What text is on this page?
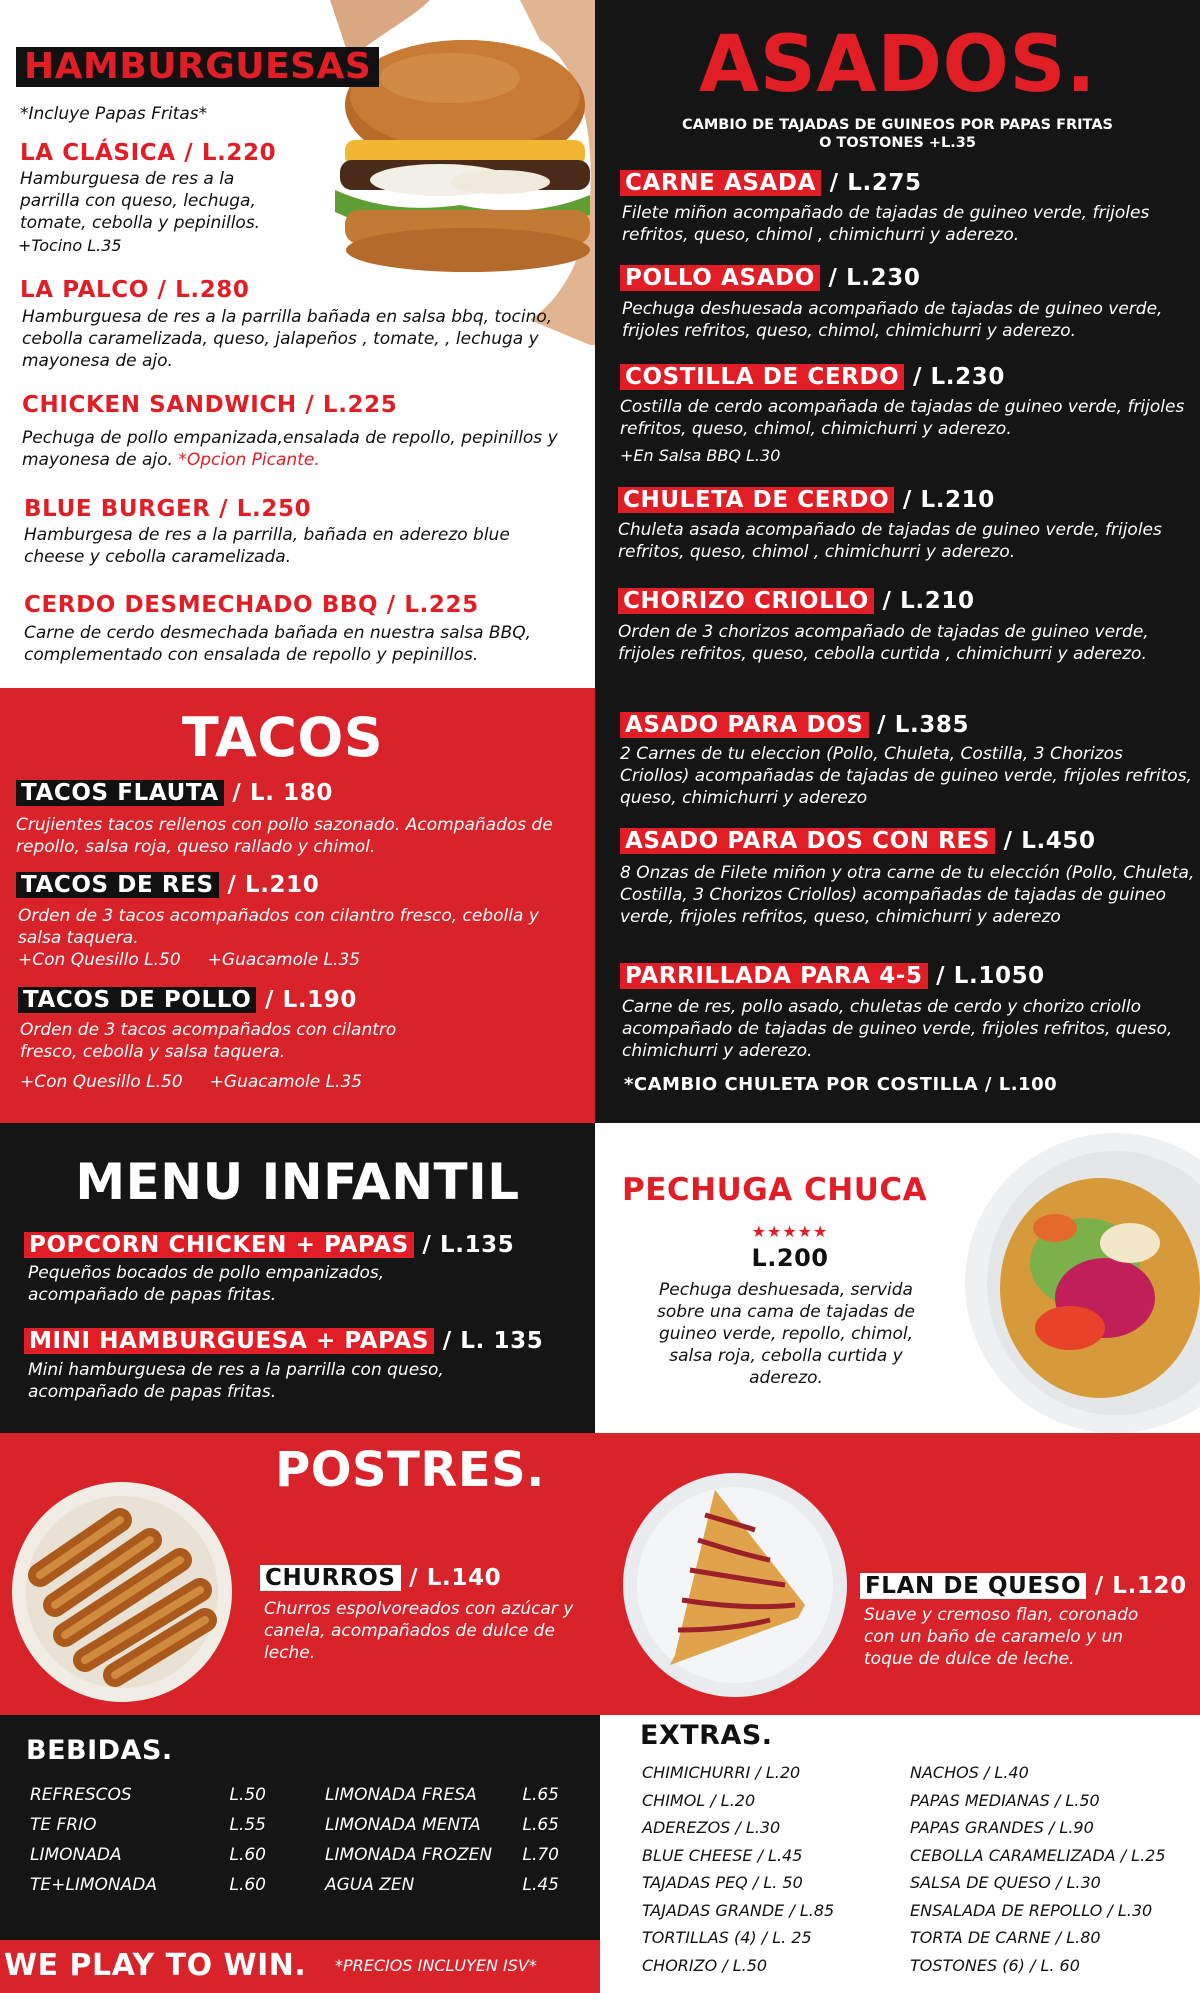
HAMBURGUESAS
*Incluye Papas Fritas*
LA CLÁSICA / L.220
Hamburguesa de res a la parrilla con queso, lechuga, tomate, cebolla y pepinillos.
+Tocino L.35
LA PALCO / L.280
Hamburguesa de res a la parrilla bañada en salsa bbq, tocino, cebolla caramelizada, queso, jalapeños , tomate, , lechuga y mayonesa de ajo.
CHICKEN SANDWICH / L.225
Pechuga de pollo empanizada,ensalada de repollo, pepinillos y mayonesa de ajo. *Opcion Picante.
BLUE BURGER / L.250
Hamburgesa de res a la parrilla, bañada en aderezo blue cheese y cebolla caramelizada.
CERDO DESMECHADO BBQ / L.225
Carne de cerdo desmechada bañada en nuestra salsa BBQ, complementado con ensalada de repollo y pepinillos.
ASADOS.
CAMBIO DE TAJADAS DE GUINEOS POR PAPAS FRITAS
O TOSTONES +L.35
CARNE ASADA / L.275
Filete miñon acompañado de tajadas de guineo verde, frijoles refritos, queso, chimol , chimichurri y aderezo.
POLLO ASADO / L.230
Pechuga deshuesada acompañado de tajadas de guineo verde, frijoles refritos, queso, chimol, chimichurri y aderezo.
COSTILLA DE CERDO / L.230
Costilla de cerdo acompañada de tajadas de guineo verde, frijoles refritos, queso, chimol, chimichurri y aderezo.
+En Salsa BBQ L.30
CHULETA DE CERDO / L.210
Chuleta asada acompañado de tajadas de guineo verde, frijoles refritos, queso, chimol , chimichurri y aderezo.
CHORIZO CRIOLLO / L.210
Orden de 3 chorizos acompañado de tajadas de guineo verde, frijoles refritos, queso, cebolla curtida , chimichurri y aderezo.
ASADO PARA DOS / L.385
2 Carnes de tu eleccion (Pollo, Chuleta, Costilla, 3 Chorizos Criollos) acompañadas de tajadas de guineo verde, frijoles refritos, queso, chimichurri y aderezo
ASADO PARA DOS CON RES / L.450
8 Onzas de Filete miñon y otra carne de tu elección (Pollo, Chuleta, Costilla, 3 Chorizos Criollos) acompañadas de tajadas de guineo verde, frijoles refritos, queso, chimichurri y aderezo
PARRILLADA PARA 4-5 / L.1050
Carne de res, pollo asado, chuletas de cerdo y chorizo criollo acompañado de tajadas de guineo verde, frijoles refritos, queso, chimichurri y aderezo.
*CAMBIO CHULETA POR COSTILLA / L.100
TACOS
TACOS FLAUTA / L. 180
Crujientes tacos rellenos con pollo sazonado. Acompañados de repollo, salsa roja, queso rallado y chimol.
TACOS DE RES / L.210
Orden de 3 tacos acompañados con cilantro fresco, cebolla y salsa taquera.
+Con Quesillo L.50     +Guacamole L.35
TACOS DE POLLO / L.190
Orden de 3 tacos acompañados con cilantro fresco, cebolla y salsa taquera.
+Con Quesillo L.50     +Guacamole L.35
MENU INFANTIL
POPCORN CHICKEN + PAPAS / L.135
Pequeños bocados de pollo empanizados, acompañado de papas fritas.
MINI HAMBURGUESA + PAPAS / L. 135
Mini hamburguesa de res a la parrilla con queso, acompañado de papas fritas.
PECHUGA CHUCA
★★★★★
L.200
Pechuga deshuesada, servida sobre una cama de tajadas de guineo verde, repollo, chimol, salsa roja, cebolla curtida y aderezo.
POSTRES.
CHURROS / L.140
Churros espolvoreados con azúcar y canela, acompañados de dulce de leche.
FLAN DE QUESO / L.120
Suave y cremoso flan, coronado con un baño de caramelo y un toque de dulce de leche.
BEBIDAS.
REFRESCOS	L.50
TE FRIO	L.55
LIMONADA	L.60
TE+LIMONADA	L.60
LIMONADA FRESA	L.65
LIMONADA MENTA L.65
LIMONADA FROZEN L.70
AGUA ZEN	L.45
EXTRAS.
CHIMICHURRI / L.20
CHIMOL / L.20
ADEREZOS / L.30
BLUE CHEESE / L.45
TAJADAS PEQ / L. 50
TAJADAS GRANDE / L.85
TORTILLAS (4) / L. 25
CHORIZO / L.50
NACHOS / L.40
PAPAS MEDIANAS / L.50
PAPAS GRANDES / L.90
CEBOLLA CARAMELIZADA / L.25
SALSA DE QUESO / L.30
ENSALADA DE REPOLLO / L.30
TORTA DE CARNE / L.80
TOSTONES (6) / L. 60
WE PLAY TO WIN. *PRECIOS INCLUYEN ISV*
